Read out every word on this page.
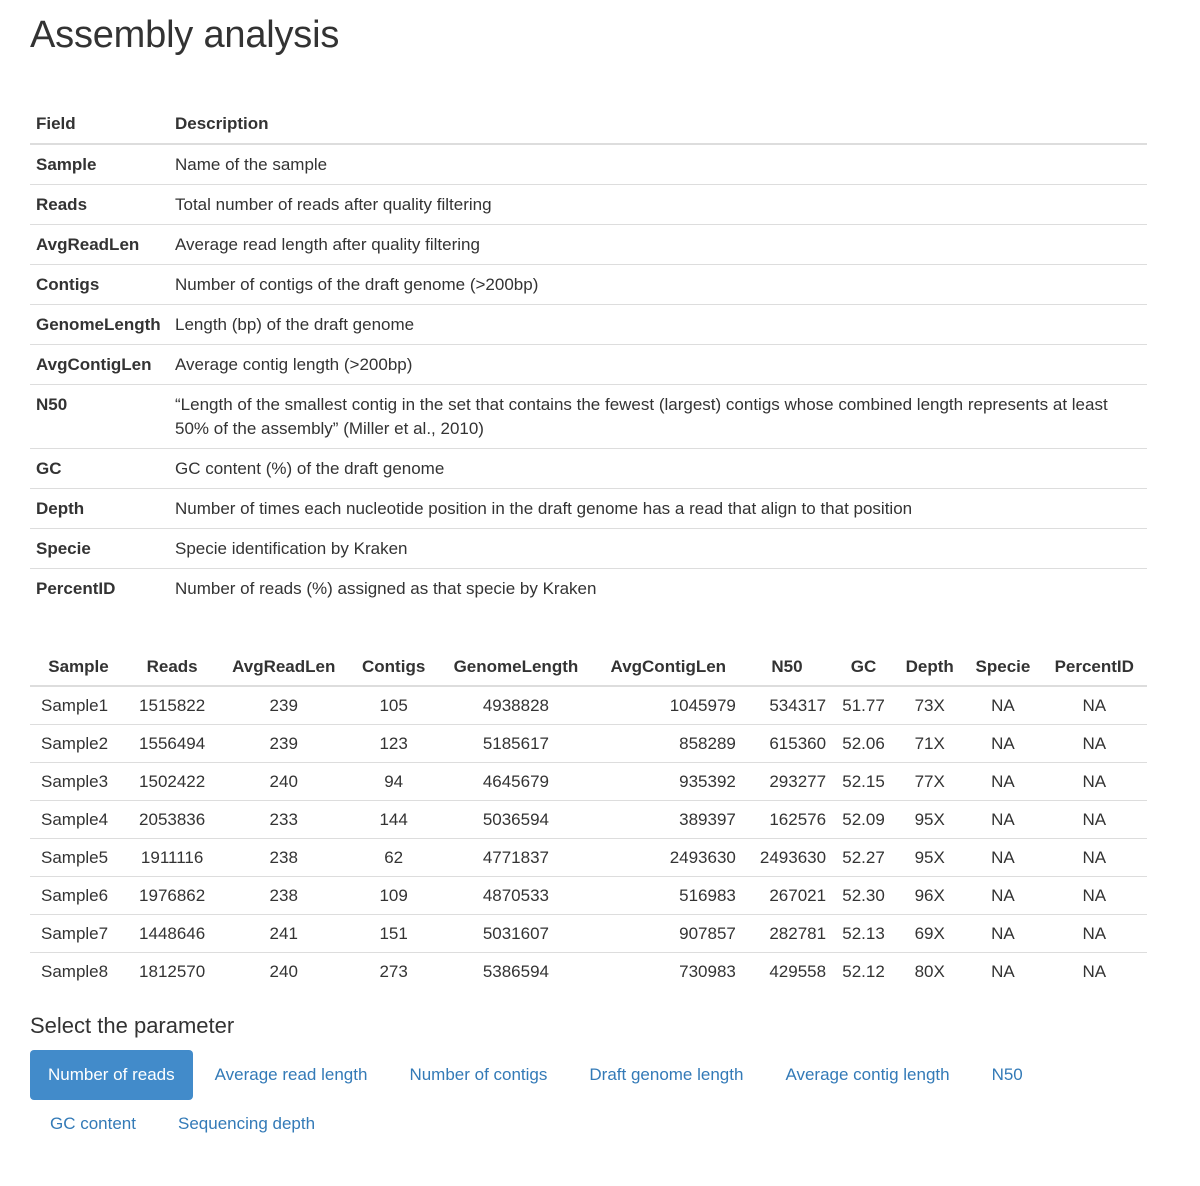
Assembly analysis
Field	Description
Sample	Name of the sample
Reads	Total number of reads after quality filtering
AvgReadLen	Average read length after quality filtering
Contigs	Number of contigs of the draft genome (>200bp)
GenomeLength	Length (bp) of the draft genome
AvgContigLen	Average contig length (>200bp)
N50	“Length of the smallest contig in the set that contains the fewest (largest) contigs whose combined length represents at least 50% of the assembly” (Miller et al., 2010)
GC	GC content (%) of the draft genome
Depth	Number of times each nucleotide position in the draft genome has a read that align to that position
Specie	Specie identification by Kraken
PercentID	Number of reads (%) assigned as that specie by Kraken
Sample	Reads	AvgReadLen	Contigs	GenomeLength	AvgContigLen	N50	GC	Depth	Specie	PercentID
Sample1	1515822	239	105	4938828	1045979	534317	51.77	73X	NA	NA
Sample2	1556494	239	123	5185617	858289	615360	52.06	71X	NA	NA
Sample3	1502422	240	94	4645679	935392	293277	52.15	77X	NA	NA
Sample4	2053836	233	144	5036594	389397	162576	52.09	95X	NA	NA
Sample5	1911116	238	62	4771837	2493630	2493630	52.27	95X	NA	NA
Sample6	1976862	238	109	4870533	516983	267021	52.30	96X	NA	NA
Sample7	1448646	241	151	5031607	907857	282781	52.13	69X	NA	NA
Sample8	1812570	240	273	5386594	730983	429558	52.12	80X	NA	NA
Select the parameter
Number of reads	Average read length	Number of contigs	Draft genome length	Average contig length	N50
GC content	Sequencing depth
